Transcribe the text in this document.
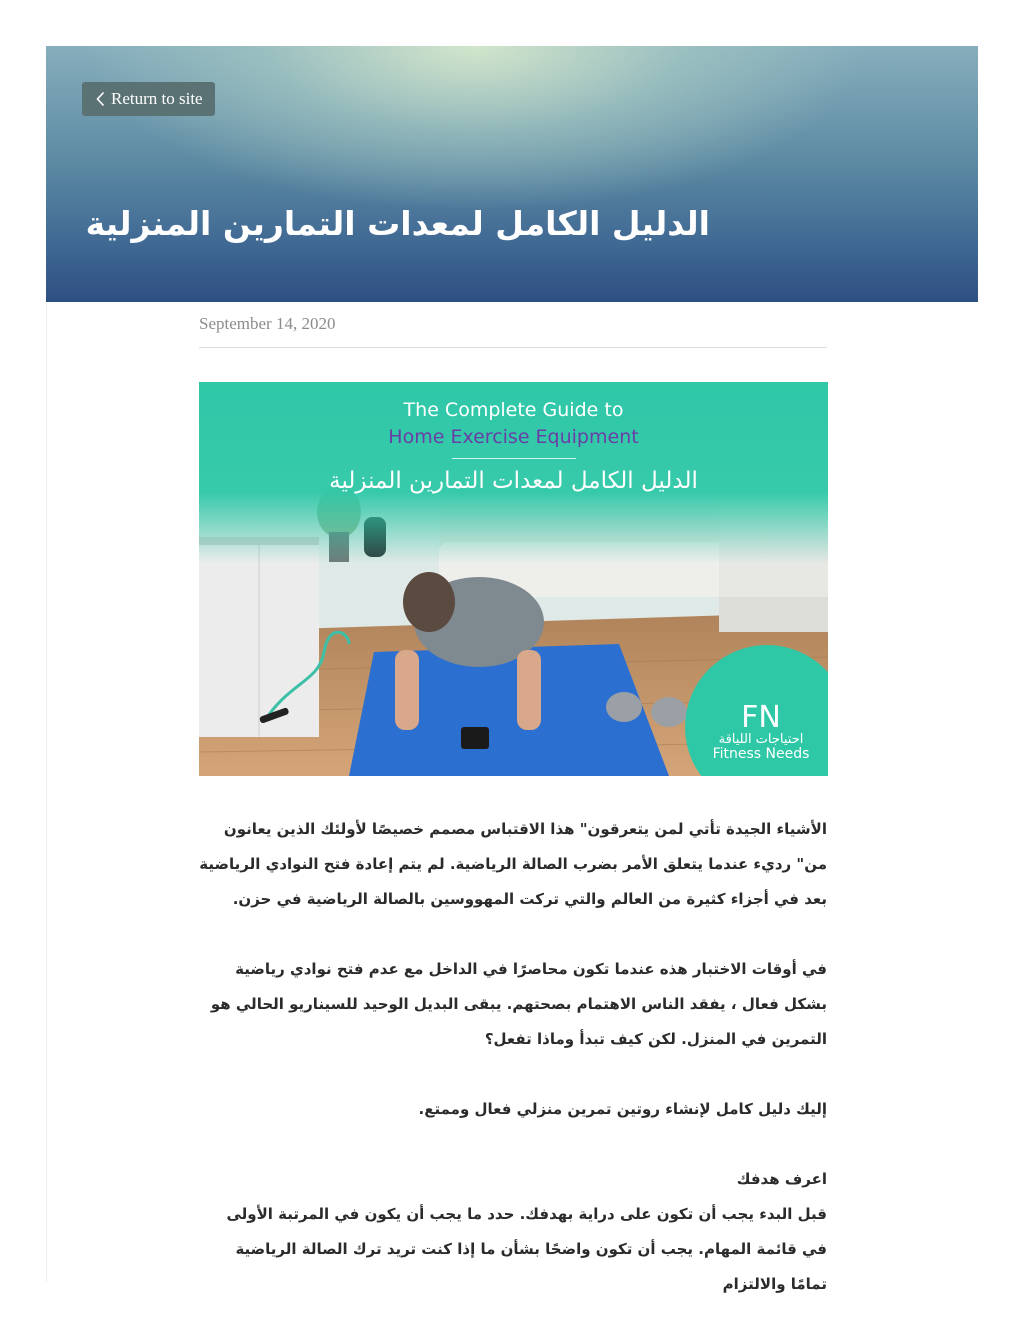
Return to site
الدليل الكامل لمعدات التمارين المنزلية
September 14, 2020
FN
The Complete Guide to
Home Exercise Equipment
الدليل الكامل لمعدات التمارين المنزلية
احتياجات اللياقة
Fitness Needs

الأشياء الجيدة تأتي لمن يتعرقون" هذا الاقتباس مصمم خصيصًا لأولئك الذين يعانون من" رديء عندما يتعلق الأمر بضرب الصالة الرياضية. لم يتم إعادة فتح النوادي الرياضية بعد في أجزاء كثيرة من العالم والتي تركت المهووسين بالصالة الرياضية في حزن.

في أوقات الاختبار هذه عندما تكون محاصرًا في الداخل مع عدم فتح نوادي رياضية بشكل فعال ، يفقد الناس الاهتمام بصحتهم. يبقى البديل الوحيد للسيناريو الحالي هو التمرين في المنزل. لكن كيف تبدأ وماذا تفعل؟

إليك دليل كامل لإنشاء روتين تمرين منزلي فعال وممتع.

اعرف هدفك

قبل البدء يجب أن تكون على دراية بهدفك. حدد ما يجب أن يكون في المرتبة الأولى في قائمة المهام. يجب أن تكون واضحًا بشأن ما إذا كنت تريد ترك الصالة الرياضية تمامًا والالتزام
